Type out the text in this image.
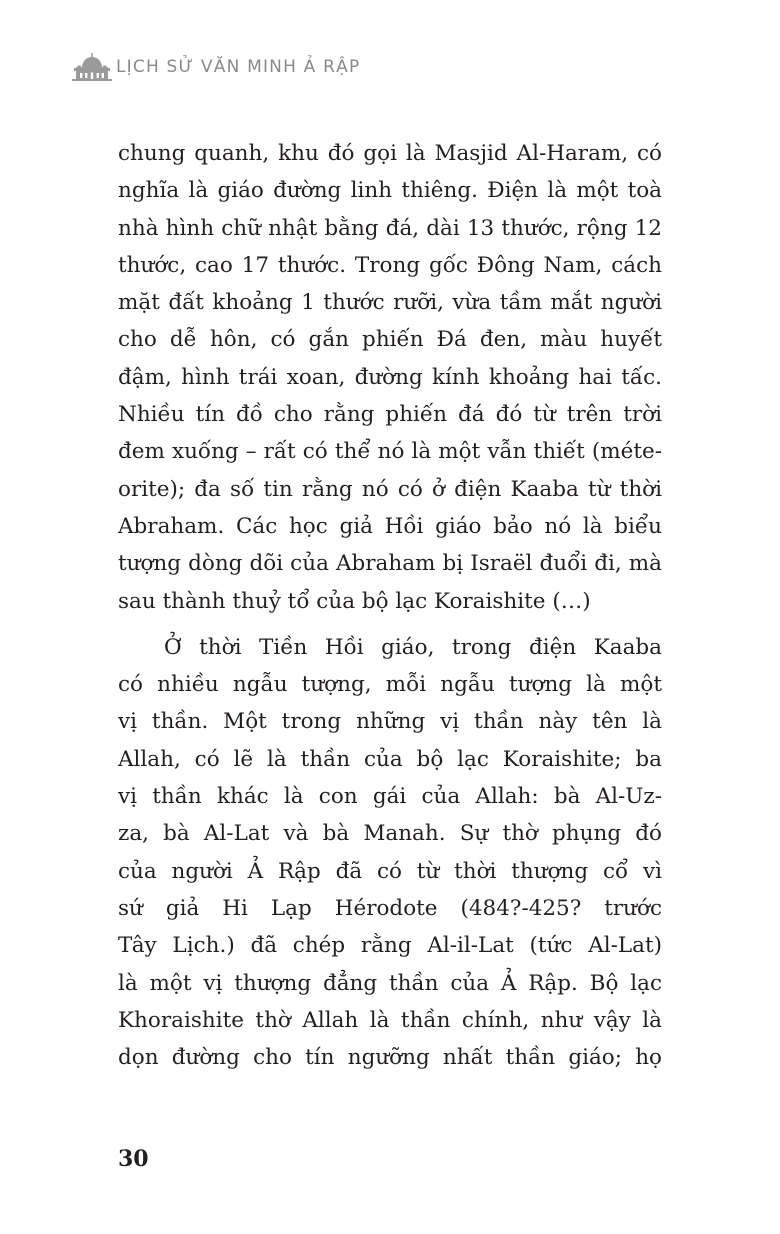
LỊCH SỬ VĂN MINH Ả RẬP
chung quanh, khu đó gọi là Masjid Al-Haram, có
nghĩa là giáo đường linh thiêng. Điện là một toà
nhà hình chữ nhật bằng đá, dài 13 thước, rộng 12
thước, cao 17 thước. Trong gốc Đông Nam, cách
mặt đất khoảng 1 thước rưỡi, vừa tầm mắt người
cho dễ hôn, có gắn phiến Đá đen, màu huyết
đậm, hình trái xoan, đường kính khoảng hai tấc.
Nhiều tín đồ cho rằng phiến đá đó từ trên trời
đem xuống – rất có thể nó là một vẫn thiết (méte-
orite); đa số tin rằng nó có ở điện Kaaba từ thời
Abraham. Các học giả Hồi giáo bảo nó là biểu
tượng dòng dõi của Abraham bị Israël đuổi đi, mà
sau thành thuỷ tổ của bộ lạc Koraishite (…)
Ở thời Tiền Hồi giáo, trong điện Kaaba
có nhiều ngẫu tượng, mỗi ngẫu tượng là một
vị thần. Một trong những vị thần này tên là
Allah, có lẽ là thần của bộ lạc Koraishite; ba
vị thần khác là con gái của Allah: bà Al-Uz-
za, bà Al-Lat và bà Manah. Sự thờ phụng đó
của người Ả Rập đã có từ thời thượng cổ vì
sứ giả Hi Lạp Hérodote (484?-425? trước
Tây Lịch.) đã chép rằng Al-il-Lat (tức Al-Lat)
là một vị thượng đẳng thần của Ả Rập. Bộ lạc
Khoraishite thờ Allah là thần chính, như vậy là
dọn đường cho tín ngưỡng nhất thần giáo; họ
30
